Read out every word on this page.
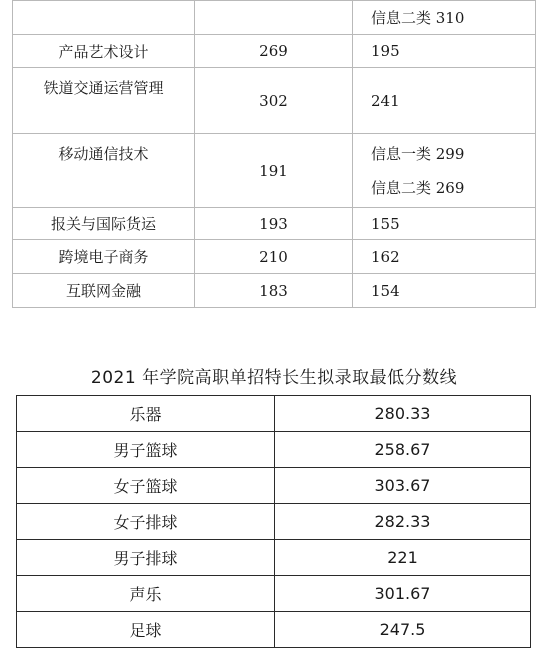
		信息二类 310
产品艺术设计	269	195
铁道交通运营管理	302	241
移动通信技术	191	信息一类 299
信息二类 269

报关与国际货运	193	155
跨境电子商务	210	162
互联网金融	183	154
2021 年学院高职单招特长生拟录取最低分数线
乐器	280.33
男子篮球	258.67
女子篮球	303.67
女子排球	282.33
男子排球	221
声乐	301.67
足球	247.5
